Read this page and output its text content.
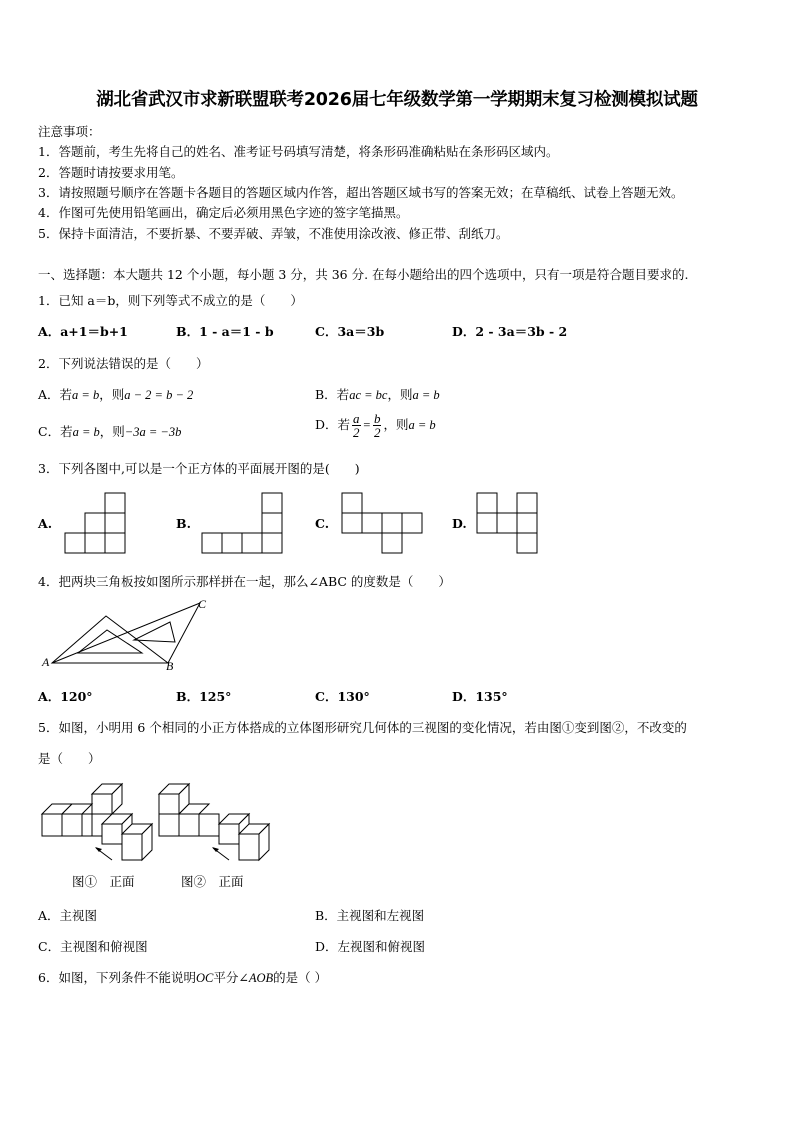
湖北省武汉市求新联盟联考2026届七年级数学第一学期期末复习检测模拟试题
注意事项：
1．答题前，考生先将自己的姓名、准考证号码填写清楚，将条形码准确粘贴在条形码区域内。
2．答题时请按要求用笔。
3．请按照题号顺序在答题卡各题目的答题区域内作答，超出答题区域书写的答案无效；在草稿纸、试卷上答题无效。
4．作图可先使用铅笔画出，确定后必须用黑色字迹的签字笔描黑。
5．保持卡面清洁，不要折暴、不要弄破、弄皱，不准使用涂改液、修正带、刮纸刀。
一、选择题：本大题共 12 个小题，每小题 3 分，共 36 分. 在每小题给出的四个选项中，只有一项是符合题目要求的.
1．已知 a＝b，则下列等式不成立的是（　　）
A．a+1＝b+1	B．1 - a＝1 - b	C．3a＝3b	D．2 - 3a＝3b - 2
2．下列说法错误的是（　　）
A．若a = b，则a − 2 = b − 2	B．若ac = bc，则a = b
C．若a = b，则−3a = −3b	D．若 $\frac{a}{2} = \frac{b}{2}$ ，则a = b
3．下列各图中,可以是一个正方体的平面展开图的是(　　)
A.	B.	C.	D.
4．把两块三角板按如图所示那样拼在一起，那么∠ABC 的度数是（　　）
A	B
C
A．120°	B．125°	C．130°	D．135°
5．如图，小明用 6 个相同的小正方体搭成的立体图形研究几何体的三视图的变化情况，若由图①变到图②，不改变的
是（　　）
图①　正面	图②　正面
A．主视图	B．主视图和左视图
C．主视图和俯视图	D．左视图和俯视图
6．如图，下列条件不能说明OC平分∠AOB的是（ ）
